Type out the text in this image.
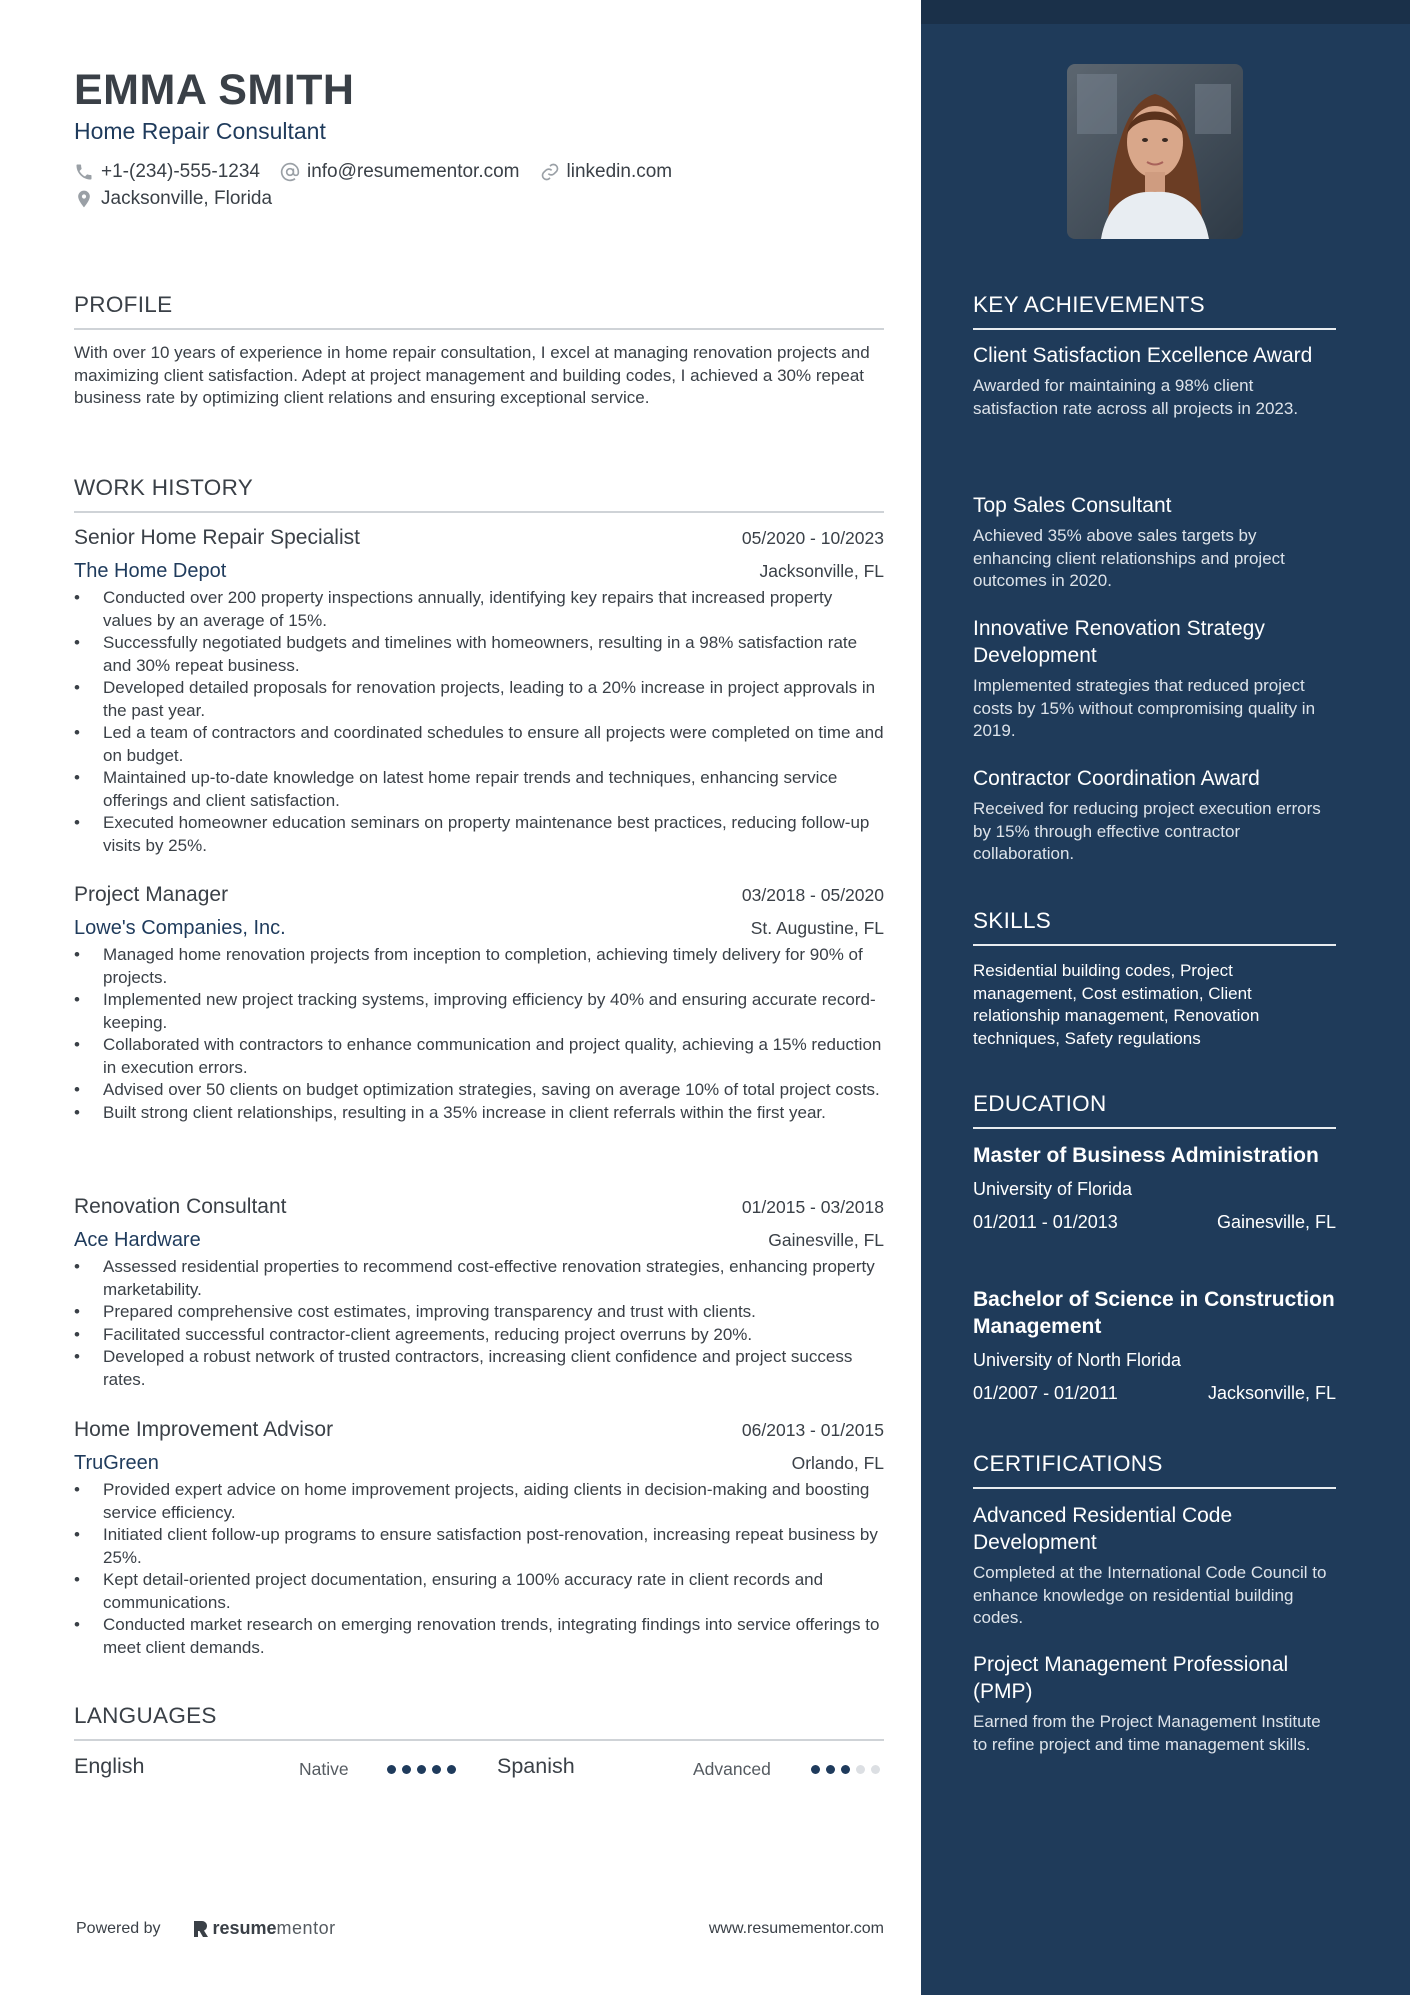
EMMA SMITH
Home Repair Consultant
+1-(234)-555-1234 info@resumementor.com linkedin.com
Jacksonville, Florida
PROFILE
With over 10 years of experience in home repair consultation, I excel at managing renovation projects and maximizing client satisfaction. Adept at project management and building codes, I achieved a 30% repeat business rate by optimizing client relations and ensuring exceptional service.
WORK HISTORY
Senior Home Repair Specialist	05/2020 - 10/2023
The Home Depot	Jacksonville, FL
• Conducted over 200 property inspections annually, identifying key repairs that increased property values by an average of 15%.
• Successfully negotiated budgets and timelines with homeowners, resulting in a 98% satisfaction rate and 30% repeat business.
• Developed detailed proposals for renovation projects, leading to a 20% increase in project approvals in the past year.
• Led a team of contractors and coordinated schedules to ensure all projects were completed on time and on budget.
• Maintained up-to-date knowledge on latest home repair trends and techniques, enhancing service offerings and client satisfaction.
• Executed homeowner education seminars on property maintenance best practices, reducing follow-up visits by 25%.
Project Manager	03/2018 - 05/2020
Lowe's Companies, Inc.	St. Augustine, FL
• Managed home renovation projects from inception to completion, achieving timely delivery for 90% of projects.
• Implemented new project tracking systems, improving efficiency by 40% and ensuring accurate record-keeping.
• Collaborated with contractors to enhance communication and project quality, achieving a 15% reduction in execution errors.
• Advised over 50 clients on budget optimization strategies, saving on average 10% of total project costs.
• Built strong client relationships, resulting in a 35% increase in client referrals within the first year.
Renovation Consultant	01/2015 - 03/2018
Ace Hardware	Gainesville, FL
• Assessed residential properties to recommend cost-effective renovation strategies, enhancing property marketability.
• Prepared comprehensive cost estimates, improving transparency and trust with clients.
• Facilitated successful contractor-client agreements, reducing project overruns by 20%.
• Developed a robust network of trusted contractors, increasing client confidence and project success rates.
Home Improvement Advisor	06/2013 - 01/2015
TruGreen	Orlando, FL
• Provided expert advice on home improvement projects, aiding clients in decision-making and boosting service efficiency.
• Initiated client follow-up programs to ensure satisfaction post-renovation, increasing repeat business by 25%.
• Kept detail-oriented project documentation, ensuring a 100% accuracy rate in client records and communications.
• Conducted market research on emerging renovation trends, integrating findings into service offerings to meet client demands.
LANGUAGES
English	Native	Spanish	Advanced
Powered by	resume mentor	www.resumementor.com
KEY ACHIEVEMENTS
Client Satisfaction Excellence Award
Awarded for maintaining a 98% client satisfaction rate across all projects in 2023.
Top Sales Consultant
Achieved 35% above sales targets by enhancing client relationships and project outcomes in 2020.
Innovative Renovation Strategy Development
Implemented strategies that reduced project costs by 15% without compromising quality in 2019.
Contractor Coordination Award
Received for reducing project execution errors by 15% through effective contractor collaboration.
SKILLS
Residential building codes, Project management, Cost estimation, Client relationship management, Renovation techniques, Safety regulations
EDUCATION
Master of Business Administration
University of Florida
01/2011 - 01/2013	Gainesville, FL
Bachelor of Science in Construction Management
University of North Florida
01/2007 - 01/2011	Jacksonville, FL
CERTIFICATIONS
Advanced Residential Code Development
Completed at the International Code Council to enhance knowledge on residential building codes.
Project Management Professional (PMP)
Earned from the Project Management Institute to refine project and time management skills.
